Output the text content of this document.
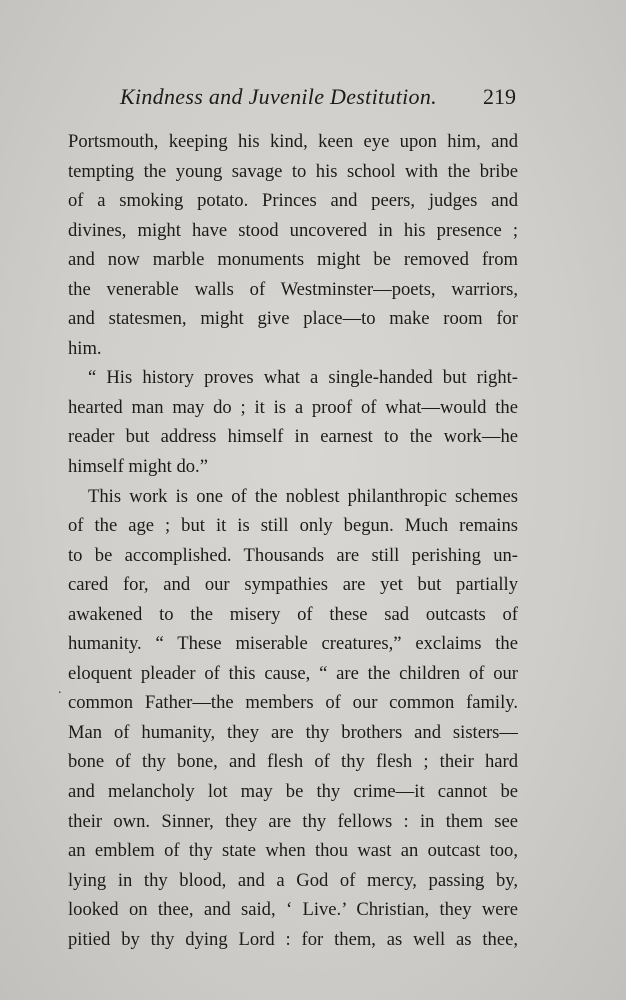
Kindness and Juvenile Destitution. 219
.
Portsmouth, keeping his kind, keen eye upon him, and
tempting the young savage to his school with the bribe
of a smoking potato. Princes and peers, judges and
divines, might have stood uncovered in his presence ;
and now marble monuments might be removed from
the venerable walls of Westminster—poets, warriors,
and statesmen, might give place—to make room for
him.
“ His history proves what a single-handed but right-
hearted man may do ; it is a proof of what—would the
reader but address himself in earnest to the work—he
himself might do.”
This work is one of the noblest philanthropic schemes
of the age ; but it is still only begun. Much remains
to be accomplished. Thousands are still perishing un-
cared for, and our sympathies are yet but partially
awakened to the misery of these sad outcasts of
humanity. “ These miserable creatures,” exclaims the
eloquent pleader of this cause, “ are the children of our
common Father—the members of our common family.
Man of humanity, they are thy brothers and sisters—
bone of thy bone, and flesh of thy flesh ; their hard
and melancholy lot may be thy crime—it cannot be
their own. Sinner, they are thy fellows : in them see
an emblem of thy state when thou wast an outcast too,
lying in thy blood, and a God of mercy, passing by,
looked on thee, and said, ‘ Live.’ Christian, they were
pitied by thy dying Lord : for them, as well as thee,
